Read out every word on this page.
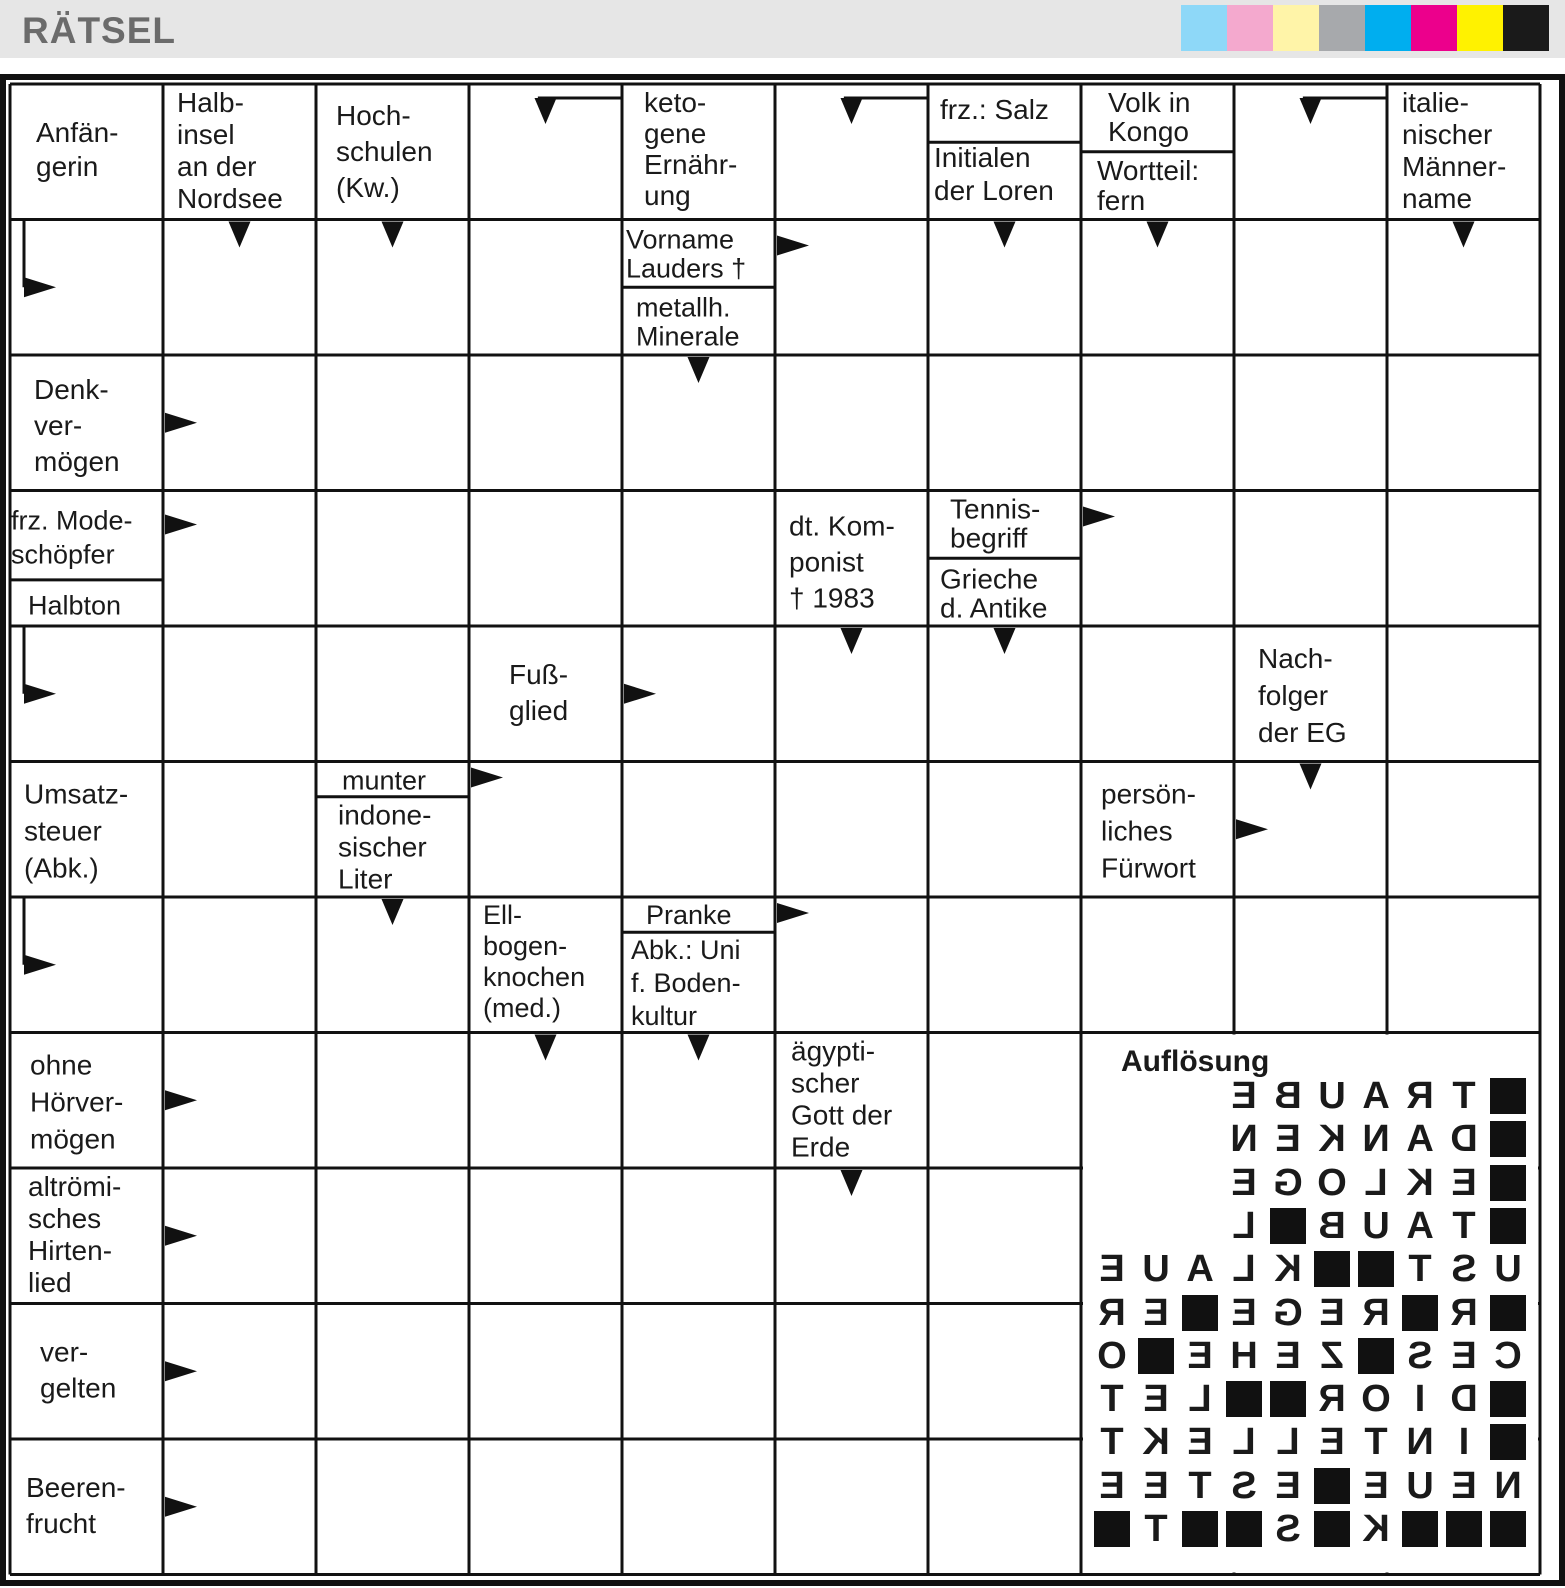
RÄTSEL
Anfän-gerin
Halb-insel an der Nordsee
Hoch-schulen (Kw.)
keto-gene Ernähr-ung
frz.: Salz
Initialen der Loren
Volk in Kongo
Wortteil: fern
italie-nischer Männer-name
Vorname Lauders †
metallh. Minerale
Denk-ver-mögen
frz. Mode-schöpfer
Halbton
dt. Kom-ponist † 1983
Tennis-begriff
Grieche d. Antike
Fuß-glied
Nach-folger der EG
Umsatz-steuer (Abk.)
munter
indone-sischer Liter
persön-liches Fürwort
Ell-bogen-knochen (med.)
Pranke
Abk.: Uni f. Boden-kultur
ohne Hörver-mögen
ägypti-scher Gott der Erde
altrömi-sches Hirten-lied
ver-gelten
Beeren-frucht
Auflösung
T
R
A
U
B
E
D
A
N
K
E
N
E
K
L
O
G
E
T
A
U
B
L
U
S
T
K
L
A
U
E
R
R
E
G
E
E
R
C
E
S
Z
E
H
E
O
D
I
O
R
L
E
T
I
N
T
E
L
L
E
K
T
N
E
U
E
E
S
T
E
E
K
S
T
